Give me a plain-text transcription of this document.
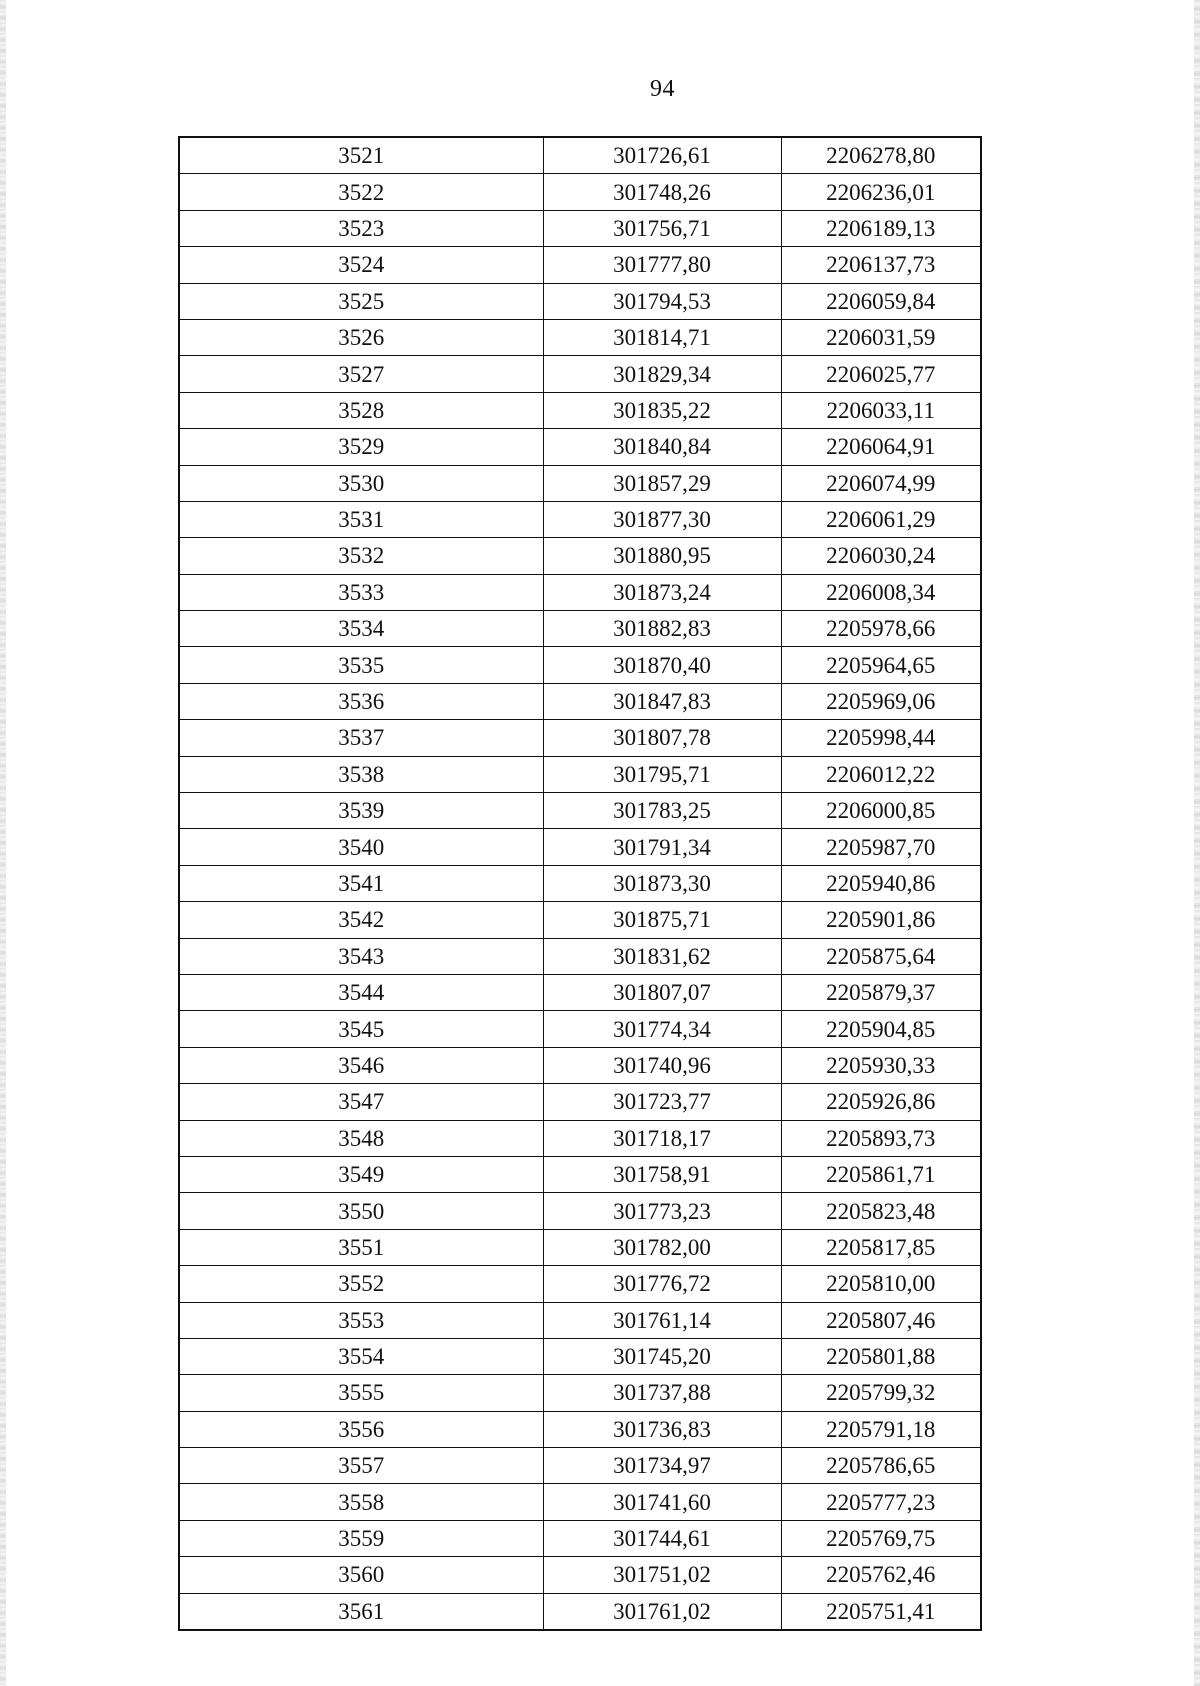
94
3521	301726,61	2206278,80
3522	301748,26	2206236,01
3523	301756,71	2206189,13
3524	301777,80	2206137,73
3525	301794,53	2206059,84
3526	301814,71	2206031,59
3527	301829,34	2206025,77
3528	301835,22	2206033,11
3529	301840,84	2206064,91
3530	301857,29	2206074,99
3531	301877,30	2206061,29
3532	301880,95	2206030,24
3533	301873,24	2206008,34
3534	301882,83	2205978,66
3535	301870,40	2205964,65
3536	301847,83	2205969,06
3537	301807,78	2205998,44
3538	301795,71	2206012,22
3539	301783,25	2206000,85
3540	301791,34	2205987,70
3541	301873,30	2205940,86
3542	301875,71	2205901,86
3543	301831,62	2205875,64
3544	301807,07	2205879,37
3545	301774,34	2205904,85
3546	301740,96	2205930,33
3547	301723,77	2205926,86
3548	301718,17	2205893,73
3549	301758,91	2205861,71
3550	301773,23	2205823,48
3551	301782,00	2205817,85
3552	301776,72	2205810,00
3553	301761,14	2205807,46
3554	301745,20	2205801,88
3555	301737,88	2205799,32
3556	301736,83	2205791,18
3557	301734,97	2205786,65
3558	301741,60	2205777,23
3559	301744,61	2205769,75
3560	301751,02	2205762,46
3561	301761,02	2205751,41
